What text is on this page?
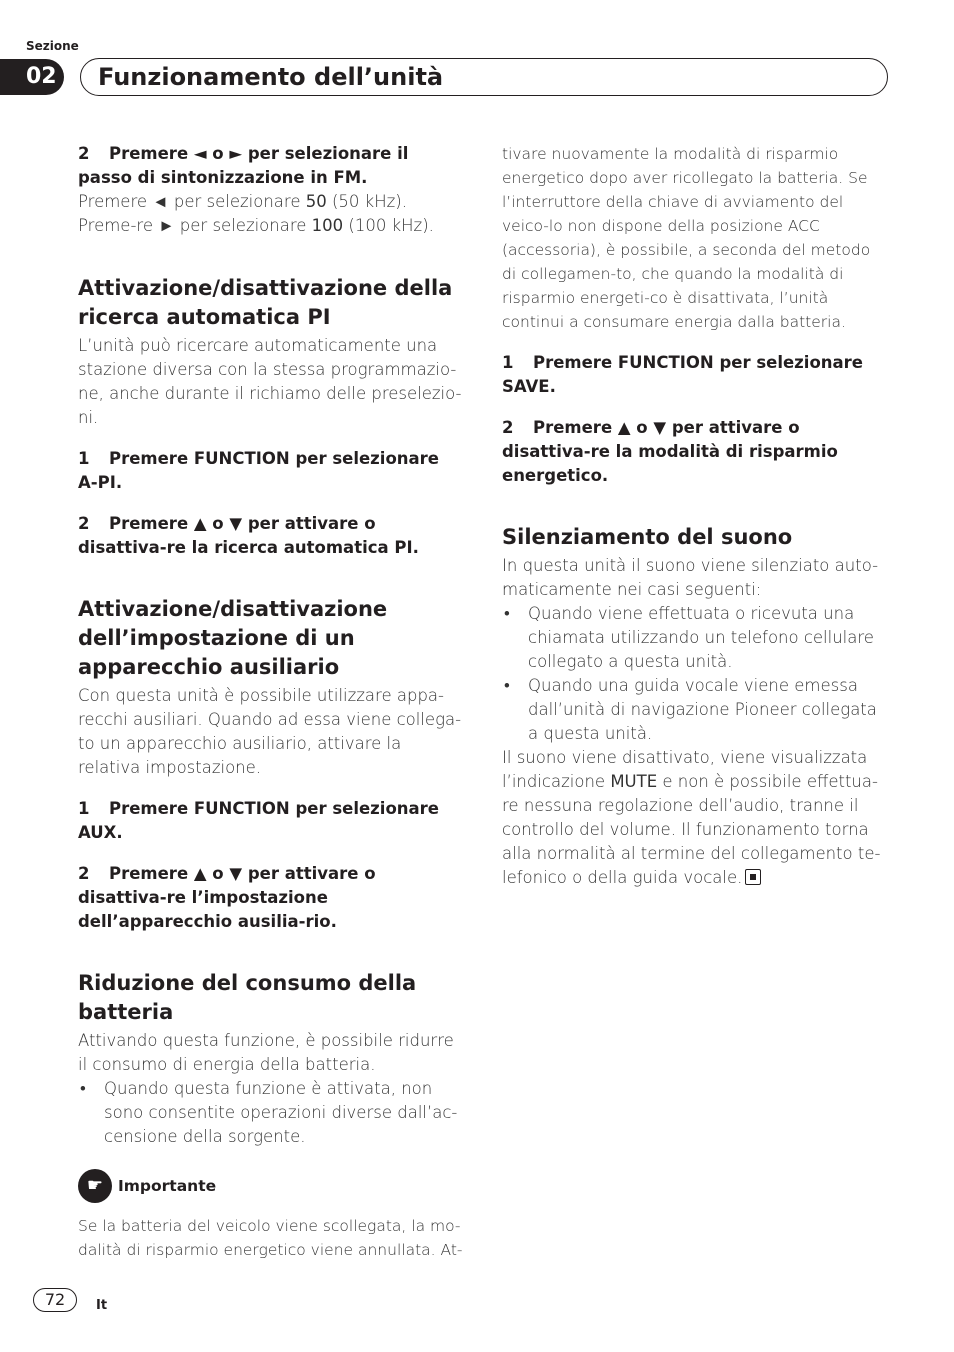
Sezione
02	Funzionamento dell’unità

2 Premere ◄ o ► per selezionare il passo di sintonizzazione in FM.

Premere ◄ per selezionare 50 (50 kHz). Preme-re ► per selezionare 100 (100 kHz).

Attivazione/disattivazione della ricerca automatica PI

L’unità può ricercare automaticamente una stazione diversa con la stessa programmazio-ne, anche durante il richiamo delle preselezio-ni.

1 Premere FUNCTION per selezionare A-PI.

2 Premere ▲ o ▼ per attivare o disattiva-re la ricerca automatica PI.

Attivazione/disattivazione dell’impostazione di un apparecchio ausiliario

Con questa unità è possibile utilizzare appa-recchi ausiliari. Quando ad essa viene collega-to un apparecchio ausiliario, attivare la relativa impostazione.

1 Premere FUNCTION per selezionare AUX.

2 Premere ▲ o ▼ per attivare o disattiva-re l’impostazione dell’apparecchio ausilia-rio.

Riduzione del consumo della batteria

Attivando questa funzione, è possibile ridurre il consumo di energia della batteria.

• Quando questa funzione è attivata, non sono consentite operazioni diverse dall’ac-censione della sorgente.
☛ Importante

Se la batteria del veicolo viene scollegata, la mo-dalità di risparmio energetico viene annullata. At-

tivare nuovamente la modalità di risparmio energetico dopo aver ricollegato la batteria. Se l’interruttore della chiave di avviamento del veico-lo non dispone della posizione ACC (accessoria), è possibile, a seconda del metodo di collegamen-to, che quando la modalità di risparmio energeti-co è disattivata, l’unità continui a consumare energia dalla batteria.

1 Premere FUNCTION per selezionare SAVE.

2 Premere ▲ o ▼ per attivare o disattiva-re la modalità di risparmio energetico.

Silenziamento del suono

In questa unità il suono viene silenziato auto-maticamente nei casi seguenti:

• Quando viene effettuata o ricevuta una chiamata utilizzando un telefono cellulare collegato a questa unità.
• Quando una guida vocale viene emessa dall’unità di navigazione Pioneer collegata a questa unità.

Il suono viene disattivato, viene visualizzata l’indicazione MUTE e non è possibile effettua-re nessuna regolazione dell’audio, tranne il controllo del volume. Il funzionamento torna alla normalità al termine del collegamento te-lefonico o della guida vocale.

72	It
